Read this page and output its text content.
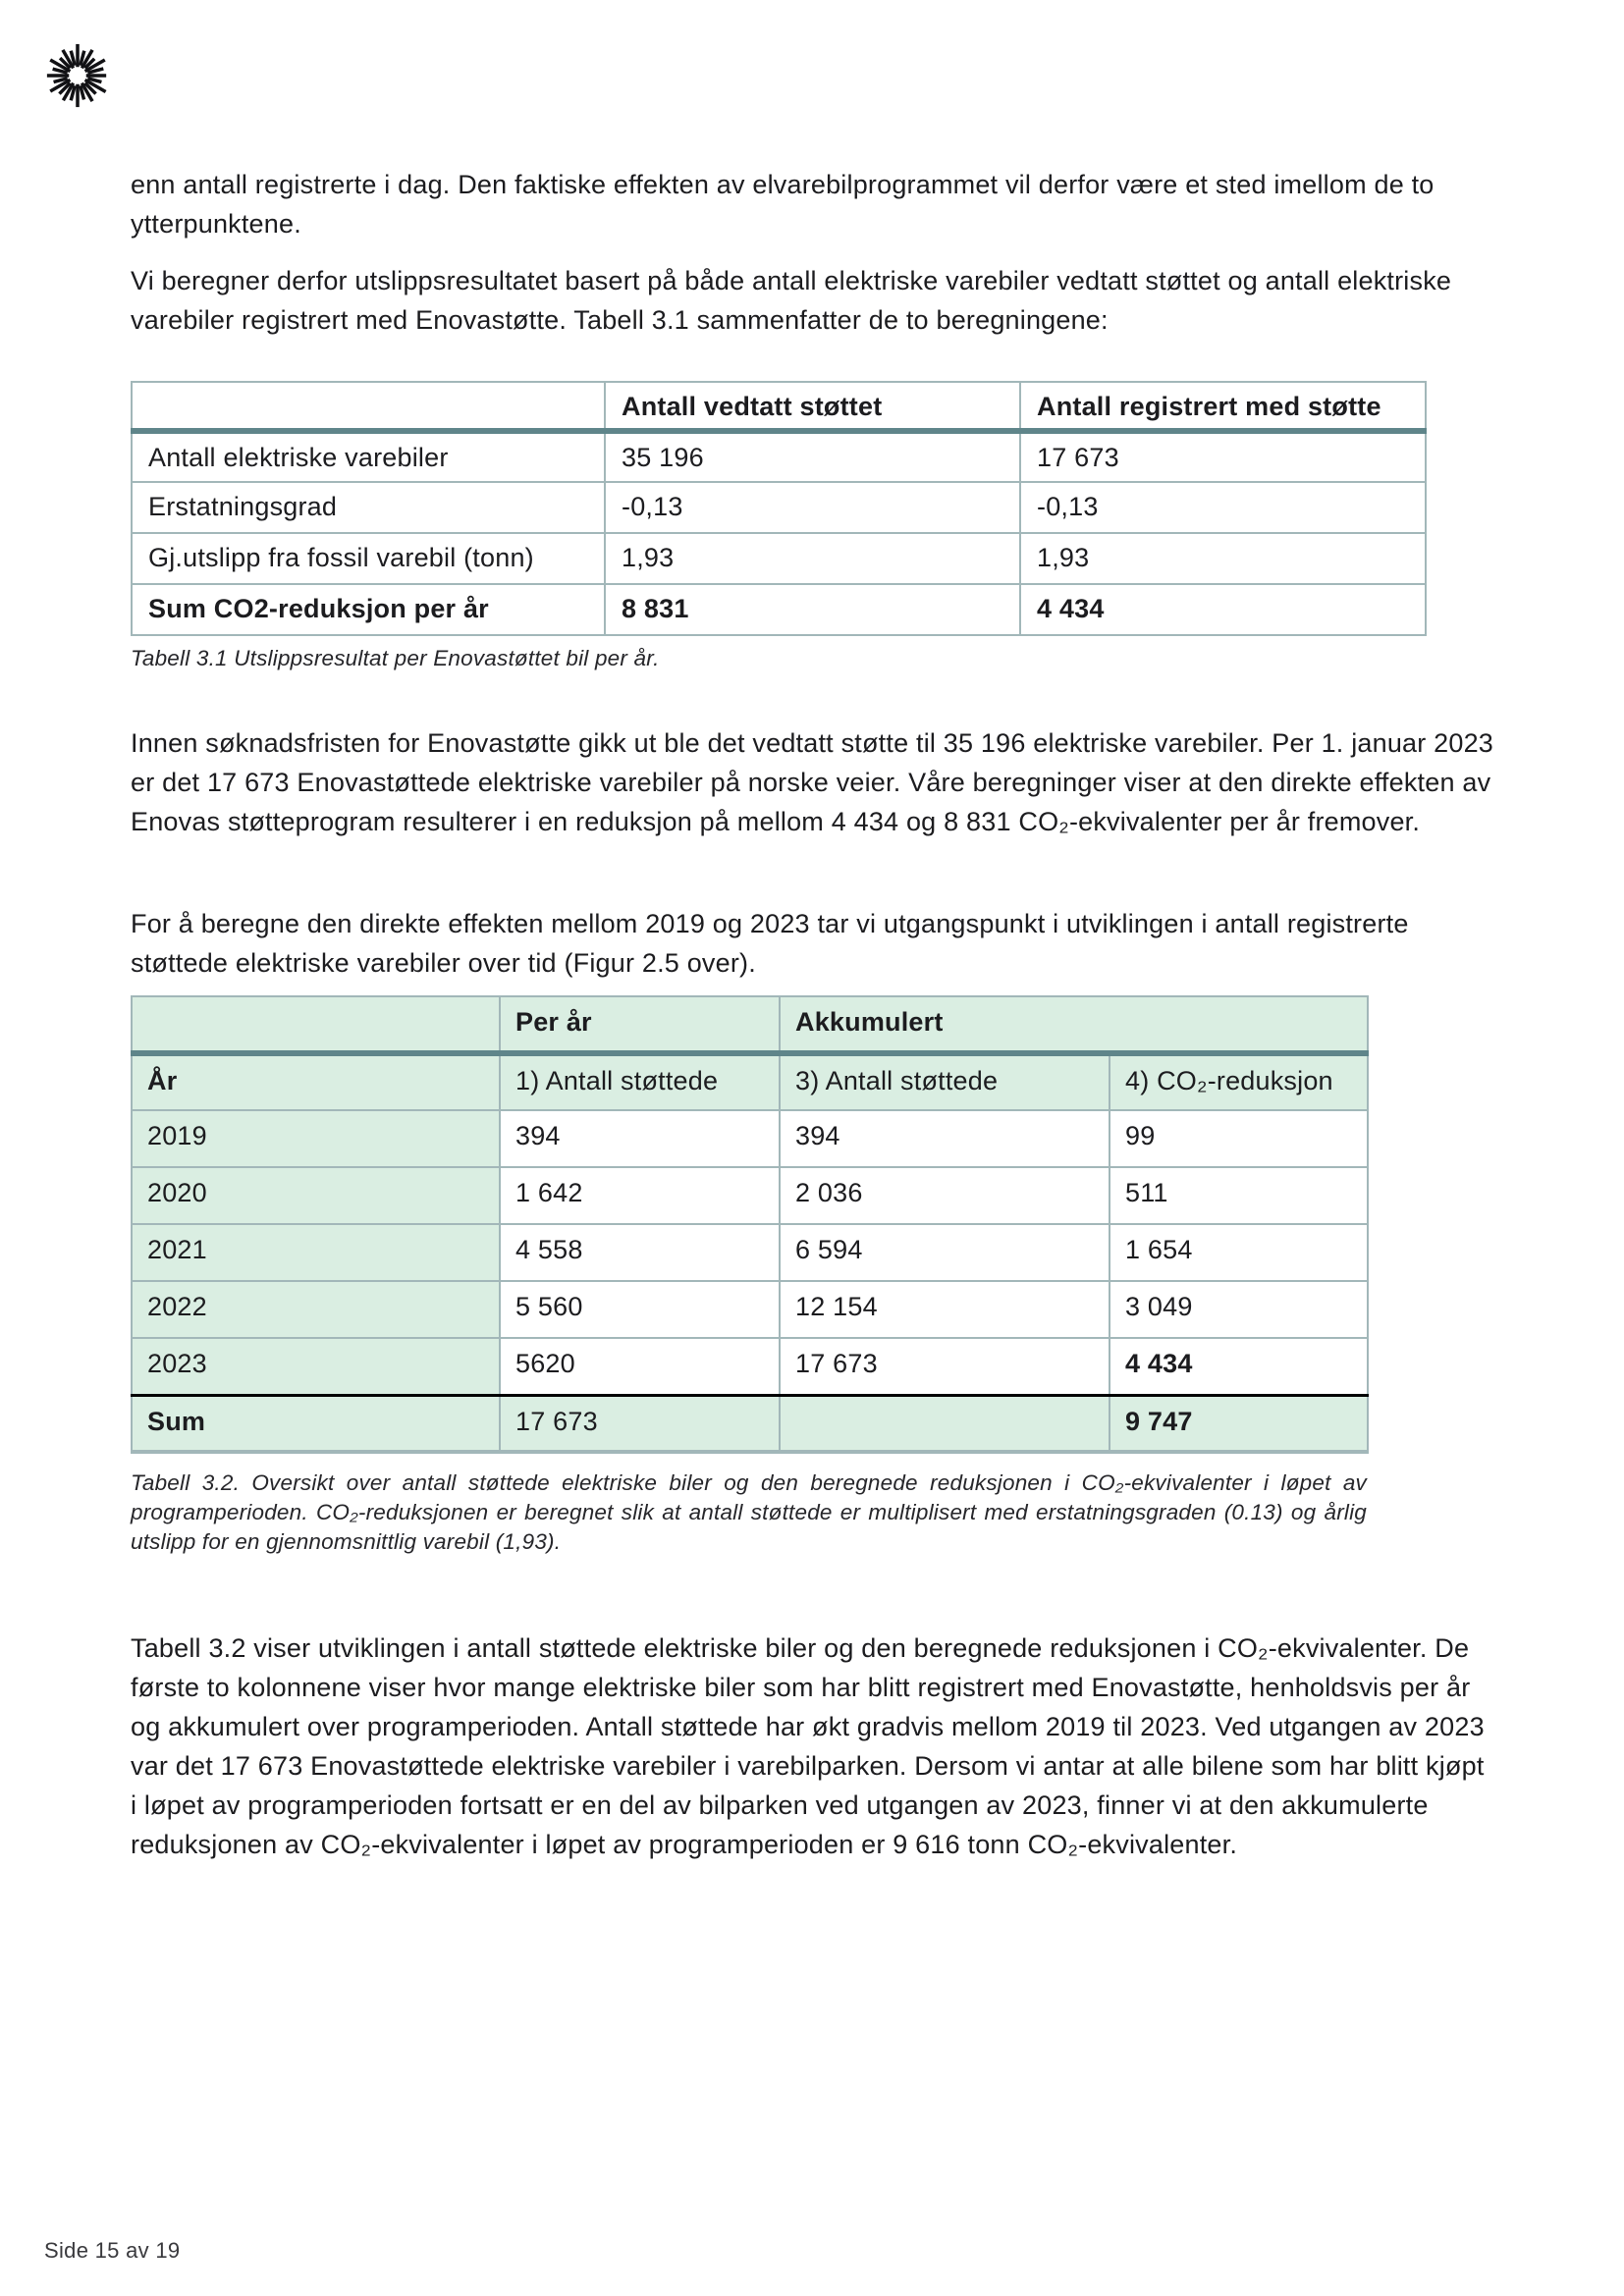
enn antall registrerte i dag. Den faktiske effekten av elvarebilprogrammet vil derfor være et sted imellom de to ytterpunktene.

Vi beregner derfor utslippsresultatet basert på både antall elektriske varebiler vedtatt støttet og antall elektriske varebiler registrert med Enovastøtte. Tabell 3.1 sammenfatter de to beregningene:

	Antall vedtatt støttet	Antall registrert med støtte
Antall elektriske varebiler	35 196	17 673
Erstatningsgrad	-0,13	-0,13
Gj.utslipp fra fossil varebil (tonn)	1,93	1,93
Sum CO2-reduksjon per år	8 831	4 434

Tabell 3.1 Utslippsresultat per Enovastøttet bil per år.

Innen søknadsfristen for Enovastøtte gikk ut ble det vedtatt støtte til 35 196 elektriske varebiler. Per 1. januar 2023 er det 17 673 Enovastøttede elektriske varebiler på norske veier. Våre beregninger viser at den direkte effekten av Enovas støtteprogram resulterer i en reduksjon på mellom 4 434 og 8 831 CO₂-ekvivalenter per år fremover.

For å beregne den direkte effekten mellom 2019 og 2023 tar vi utgangspunkt i utviklingen i antall registrerte støttede elektriske varebiler over tid (Figur 2.5 over).

	Per år	Akkumulert	
År	1) Antall støttede	3) Antall støttede	4) CO₂-reduksjon
2019	394	394	99
2020	1 642	2 036	511
2021	4 558	6 594	1 654
2022	5 560	12 154	3 049
2023	5620	17 673	4 434
Sum	17 673		9 747

Tabell 3.2. Oversikt over antall støttede elektriske biler og den beregnede reduksjonen i CO₂-ekvivalenter i løpet av programperioden. CO₂-reduksjonen er beregnet slik at antall støttede er multiplisert med erstatningsgraden (0.13) og årlig utslipp for en gjennomsnittlig varebil (1,93).

Tabell 3.2 viser utviklingen i antall støttede elektriske biler og den beregnede reduksjonen i CO₂-ekvivalenter. De første to kolonnene viser hvor mange elektriske biler som har blitt registrert med Enovastøtte, henholdsvis per år og akkumulert over programperioden. Antall støttede har økt gradvis mellom 2019 til 2023. Ved utgangen av 2023 var det 17 673 Enovastøttede elektriske varebiler i varebilparken. Dersom vi antar at alle bilene som har blitt kjøpt i løpet av programperioden fortsatt er en del av bilparken ved utgangen av 2023, finner vi at den akkumulerte reduksjonen av CO₂-ekvivalenter i løpet av programperioden er 9 616 tonn CO₂-ekvivalenter.

Side 15 av 19
